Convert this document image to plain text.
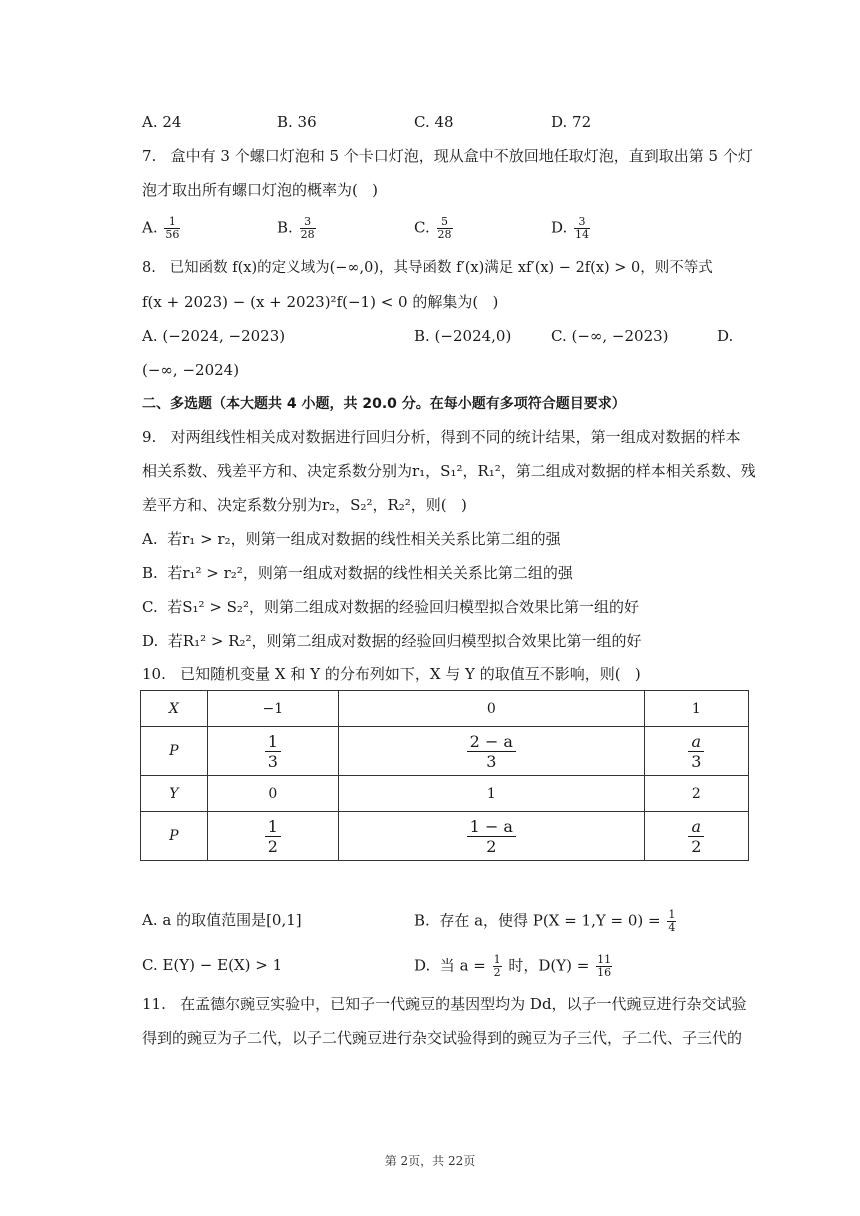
A. 24	B. 36	C. 48	D. 72
7.   盒中有 3 个螺口灯泡和 5 个卡口灯泡，现从盒中不放回地任取灯泡，直到取出第 5 个灯
泡才取出所有螺口灯泡的概率为(   )
A. $\frac{1}{56}$	B. $\frac{3}{28}$	C. $\frac{5}{28}$	D. $\frac{3}{14}$
8.   已知函数 f(x)的定义域为(−∞,0)，其导函数 f′(x)满足 xf′(x) − 2f(x) > 0，则不等式
f(x + 2023) − (x + 2023)²f(−1) < 0 的解集为(   )
A. (−2024, −2023)	B. (−2024,0)	C. (−∞, −2023)	D.
(−∞, −2024)
二、多选题（本大题共 4 小题，共 20.0 分。在每小题有多项符合题目要求）
9.   对两组线性相关成对数据进行回归分析，得到不同的统计结果，第一组成对数据的样本
相关系数、残差平方和、决定系数分别为r₁，S₁²，R₁²，第二组成对数据的样本相关系数、残
差平方和、决定系数分别为r₂，S₂²，R₂²，则(   )
A.  若r₁ > r₂，则第一组成对数据的线性相关关系比第二组的强
B.  若r₁² > r₂²，则第一组成对数据的线性相关关系比第二组的强
C.  若S₁² > S₂²，则第二组成对数据的经验回归模型拟合效果比第一组的好
D.  若R₁² > R₂²，则第二组成对数据的经验回归模型拟合效果比第一组的好
10.   已知随机变量 X 和 Y 的分布列如下，X 与 Y 的取值互不影响，则(   )
X	−1	0	1
P	$\frac{1}{3}$	$\frac{2 - a}{3}$	$\frac{a}{3}$

Y	0	1	2
P	$\frac{1}{2}$	$\frac{1 - a}{2}$	$\frac{a}{2}$
A. a 的取值范围是[0,1]	B.  存在 a，使得 $P(X = 1,Y = 0) = \frac{1}{4}$
C. E(Y) − E(X) > 1	D.  当 $a = \frac{1}{2}$ 时，$D(Y) = \frac{11}{16}$
11.   在孟德尔豌豆实验中，已知子一代豌豆的基因型均为 Dd，以子一代豌豆进行杂交试验
得到的豌豆为子二代，以子二代豌豆进行杂交试验得到的豌豆为子三代，子二代、子三代的
第 2页，共 22页
